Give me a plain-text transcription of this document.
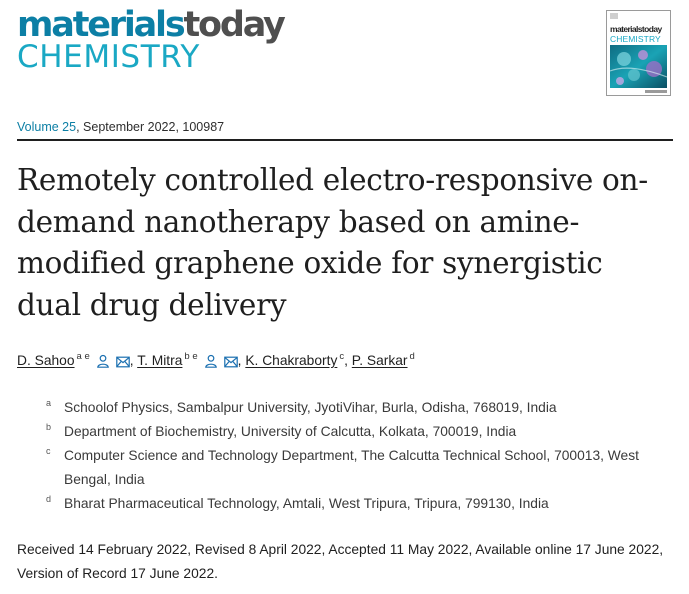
materialstoday
CHEMISTRY
materialstoday
CHEMISTRY
Volume 25, September 2022, 100987
Remotely controlled electro-responsive on-
demand nanotherapy based on amine-
modified graphene oxide for synergistic
dual drug delivery
D. Sahoo $^{a e}$	, T. Mitra $^{b e}$	, K. Chakraborty $^c$, P. Sarkar $^d$
a Schoolof Physics, Sambalpur University, JyotiVihar, Burla, Odisha, 768019, India
b Department of Biochemistry, University of Calcutta, Kolkata, 700019, India
c Computer Science and Technology Department, The Calcutta Technical School, 700013, West Bengal, India
d Bharat Pharmaceutical Technology, Amtali, West Tripura, Tripura, 799130, India
Received 14 February 2022, Revised 8 April 2022, Accepted 11 May 2022, Available online 17 June 2022, Version of Record 17 June 2022.
